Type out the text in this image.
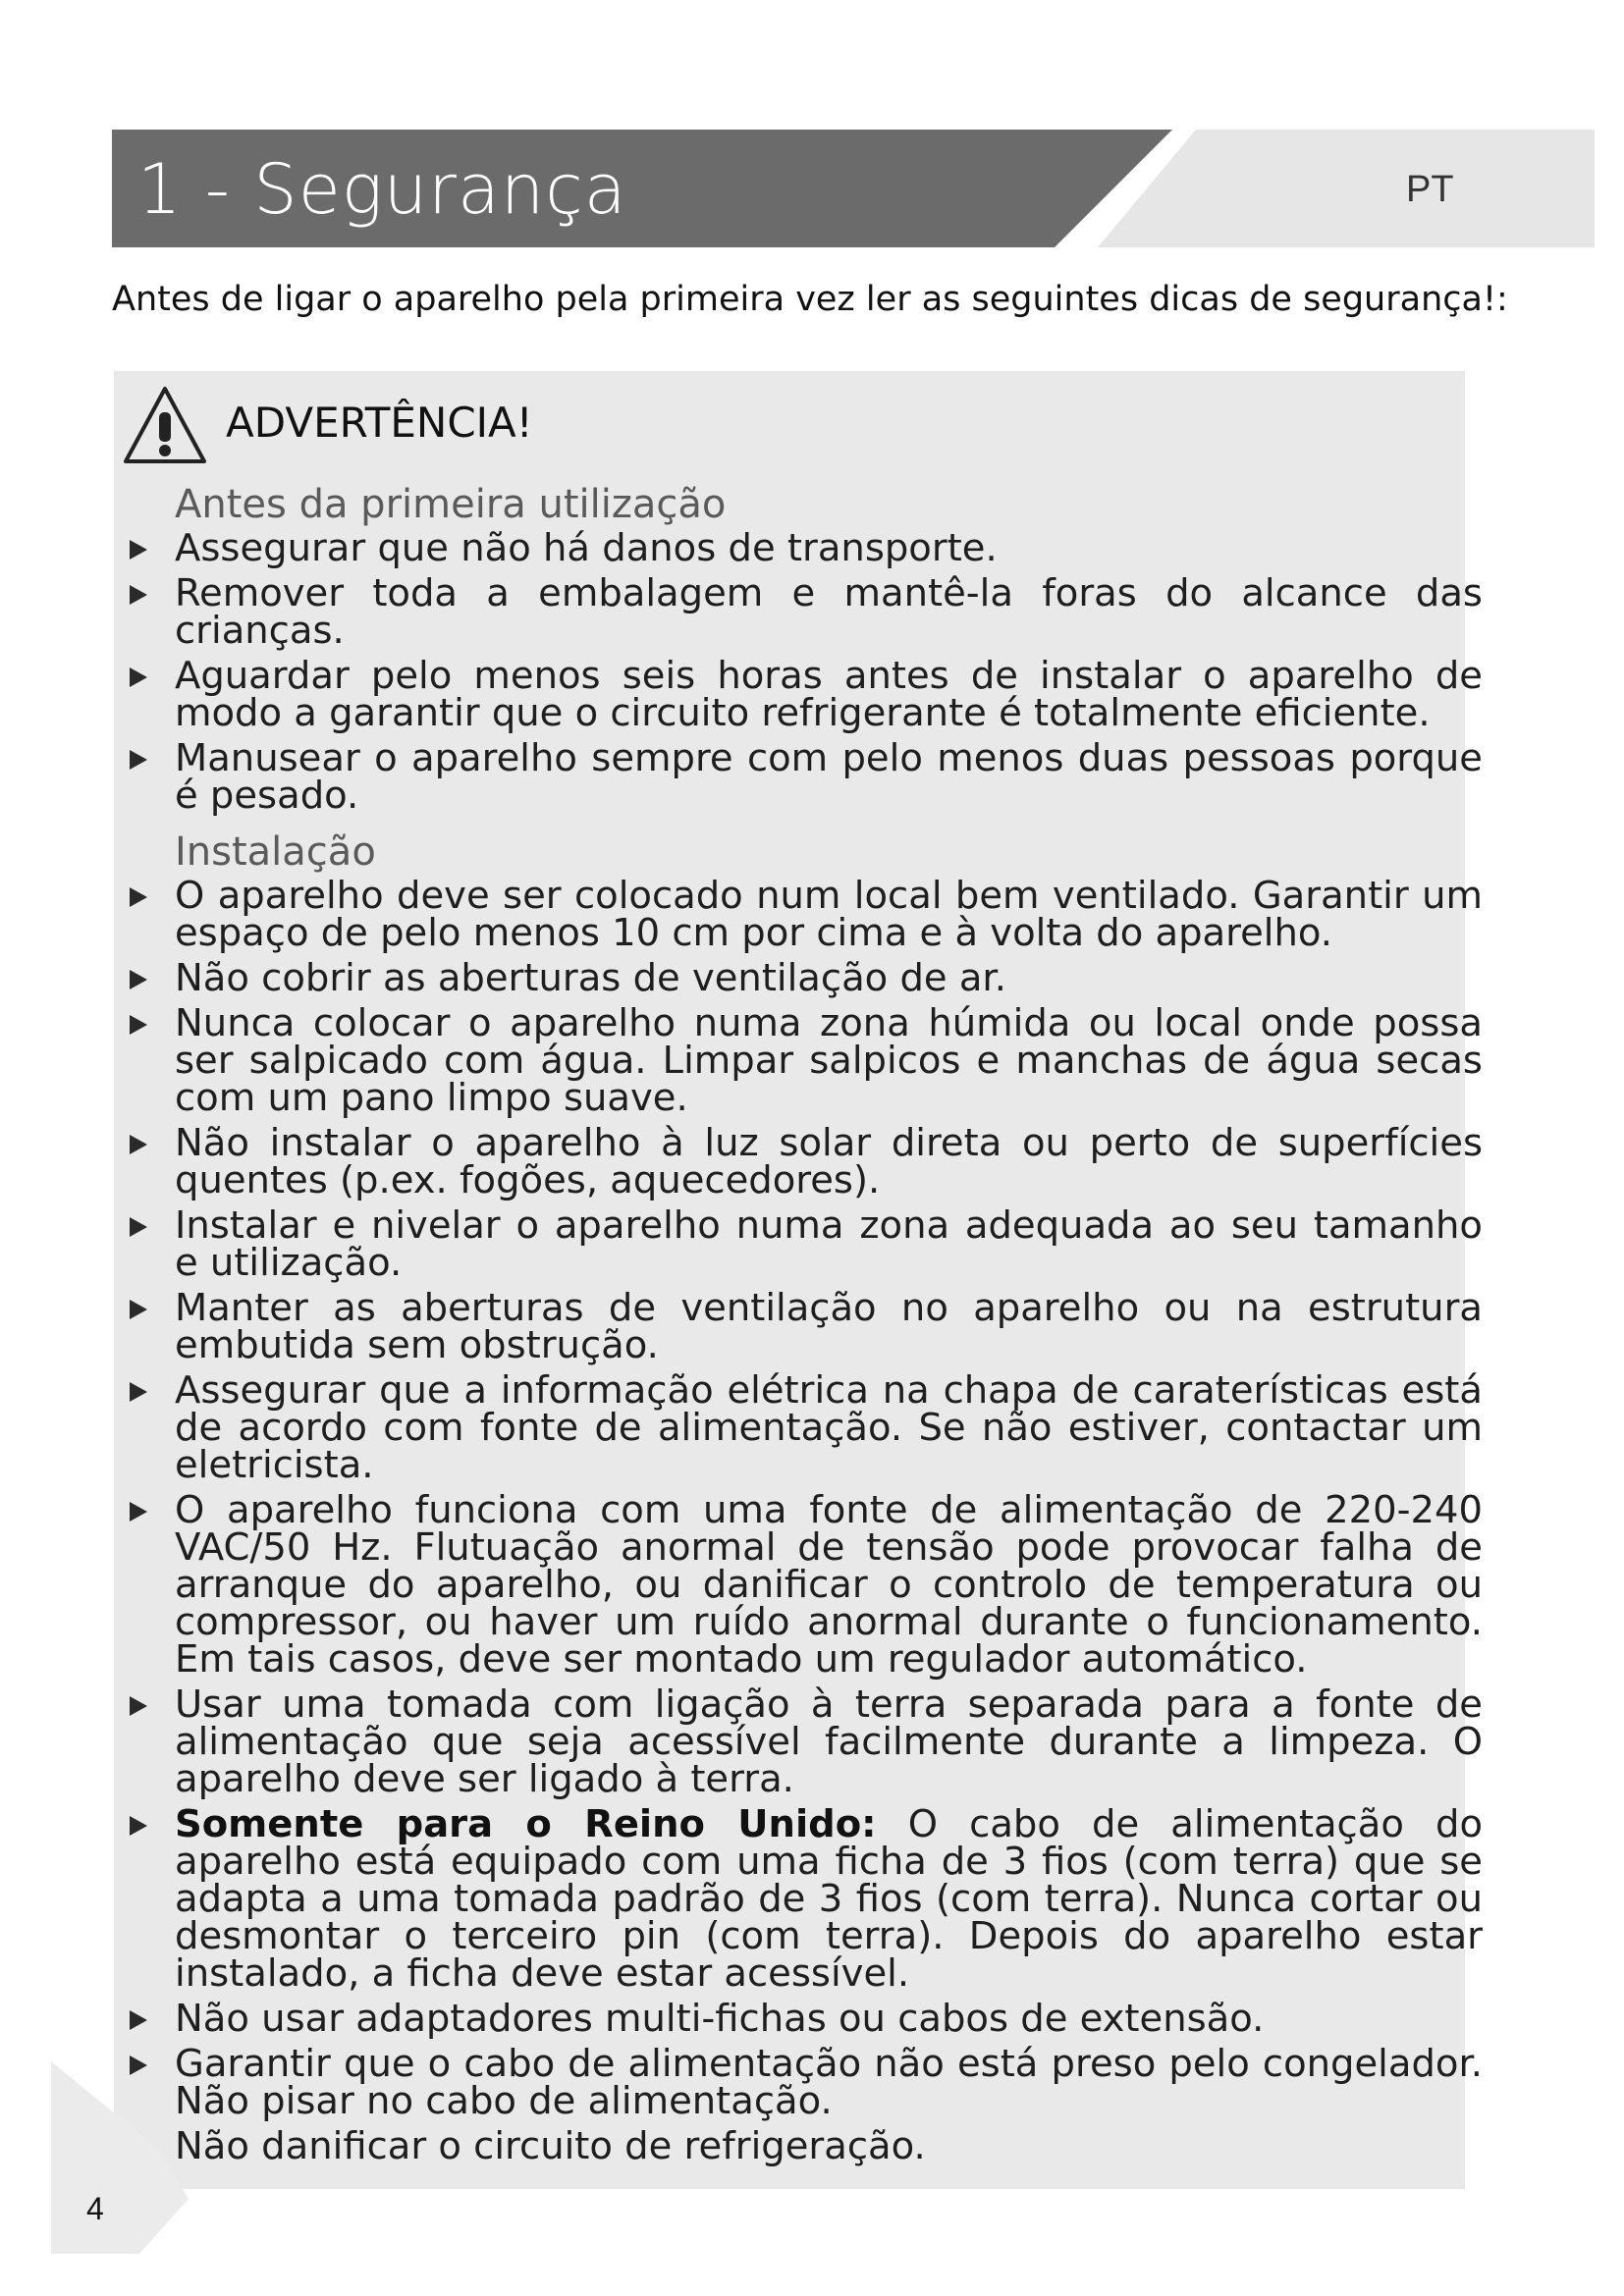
1 - Segurança	PT
Antes de ligar o aparelho pela primeira vez ler as seguintes dicas de segurança!:
ADVERTÊNCIA!
Antes da primeira utilização
Assegurar que não há danos de transporte.
Remover toda a embalagem e mantê-la foras do alcance das crianças.
Aguardar pelo menos seis horas antes de instalar o aparelho de modo a garantir que o circuito refrigerante é totalmente eficiente.
Manusear o aparelho sempre com pelo menos duas pessoas porque é pesado.
Instalação
O aparelho deve ser colocado num local bem ventilado. Garantir um espaço de pelo menos 10 cm por cima e à volta do aparelho.
Não cobrir as aberturas de ventilação de ar.
Nunca colocar o aparelho numa zona húmida ou local onde possa ser salpicado com água. Limpar salpicos e manchas de água secas com um pano limpo suave.
Não instalar o aparelho à luz solar direta ou perto de superfícies quentes (p.ex. fogões, aquecedores).
Instalar e nivelar o aparelho numa zona adequada ao seu tamanho e utilização.
Manter as aberturas de ventilação no aparelho ou na estrutura embutida sem obstrução.
Assegurar que a informação elétrica na chapa de caraterísticas está de acordo com fonte de alimentação. Se não estiver, contactar um eletricista.
O aparelho funciona com uma fonte de alimentação de 220-240 VAC/50 Hz. Flutuação anormal de tensão pode provocar falha de arranque do aparelho, ou danificar o controlo de temperatura ou compressor, ou haver um ruído anormal durante o funcionamento. Em tais casos, deve ser montado um regulador automático.
Usar uma tomada com ligação à terra separada para a fonte de alimentação que seja acessível facilmente durante a limpeza. O aparelho deve ser ligado à terra.
Somente para o Reino Unido: O cabo de alimentação do aparelho está equipado com uma ficha de 3 fios (com terra) que se adapta a uma tomada padrão de 3 fios (com terra). Nunca cortar ou desmontar o terceiro pin (com terra). Depois do aparelho estar instalado, a ficha deve estar acessível.
Não usar adaptadores multi-fichas ou cabos de extensão.
Garantir que o cabo de alimentação não está preso pelo congelador. Não pisar no cabo de alimentação.
Não danificar o circuito de refrigeração.
4
